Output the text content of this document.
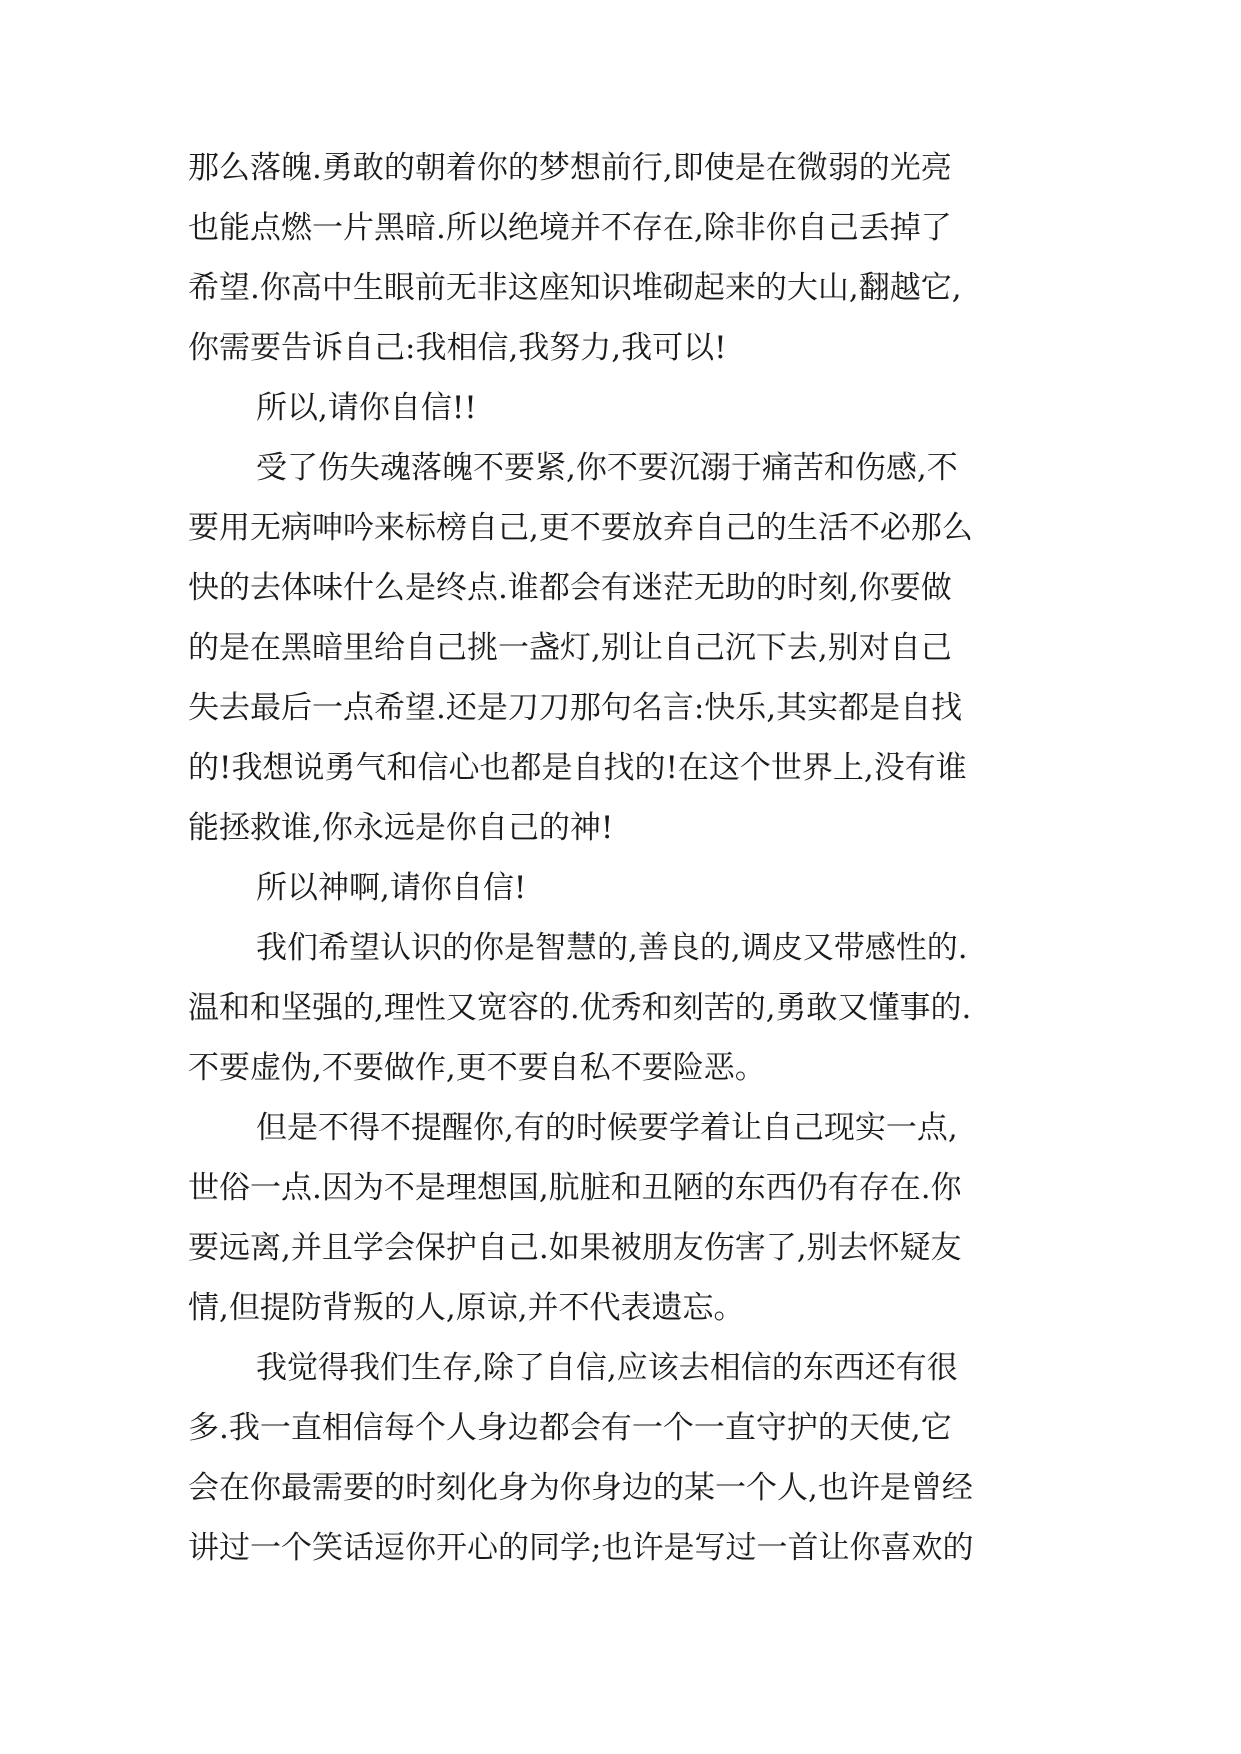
那么落魄.勇敢的朝着你的梦想前行,即使是在微弱的光亮

也能点燃一片黑暗.所以绝境并不存在,除非你自己丢掉了

希望.你高中生眼前无非这座知识堆砌起来的大山,翻越它,

你需要告诉自己:我相信,我努力,我可以!

所以,请你自信!!

受了伤失魂落魄不要紧,你不要沉溺于痛苦和伤感,不

要用无病呻吟来标榜自己,更不要放弃自己的生活不必那么

快的去体味什么是终点.谁都会有迷茫无助的时刻,你要做

的是在黑暗里给自己挑一盏灯,别让自己沉下去,别对自己

失去最后一点希望.还是刀刀那句名言:快乐,其实都是自找

的!我想说勇气和信心也都是自找的!在这个世界上,没有谁

能拯救谁,你永远是你自己的神!

所以神啊,请你自信!

我们希望认识的你是智慧的,善良的,调皮又带感性的.

温和和坚强的,理性又宽容的.优秀和刻苦的,勇敢又懂事的.

不要虚伪,不要做作,更不要自私不要险恶。

但是不得不提醒你,有的时候要学着让自己现实一点,

世俗一点.因为不是理想国,肮脏和丑陋的东西仍有存在.你

要远离,并且学会保护自己.如果被朋友伤害了,别去怀疑友

情,但提防背叛的人,原谅,并不代表遗忘。

我觉得我们生存,除了自信,应该去相信的东西还有很

多.我一直相信每个人身边都会有一个一直守护的天使,它

会在你最需要的时刻化身为你身边的某一个人,也许是曾经

讲过一个笑话逗你开心的同学;也许是写过一首让你喜欢的
